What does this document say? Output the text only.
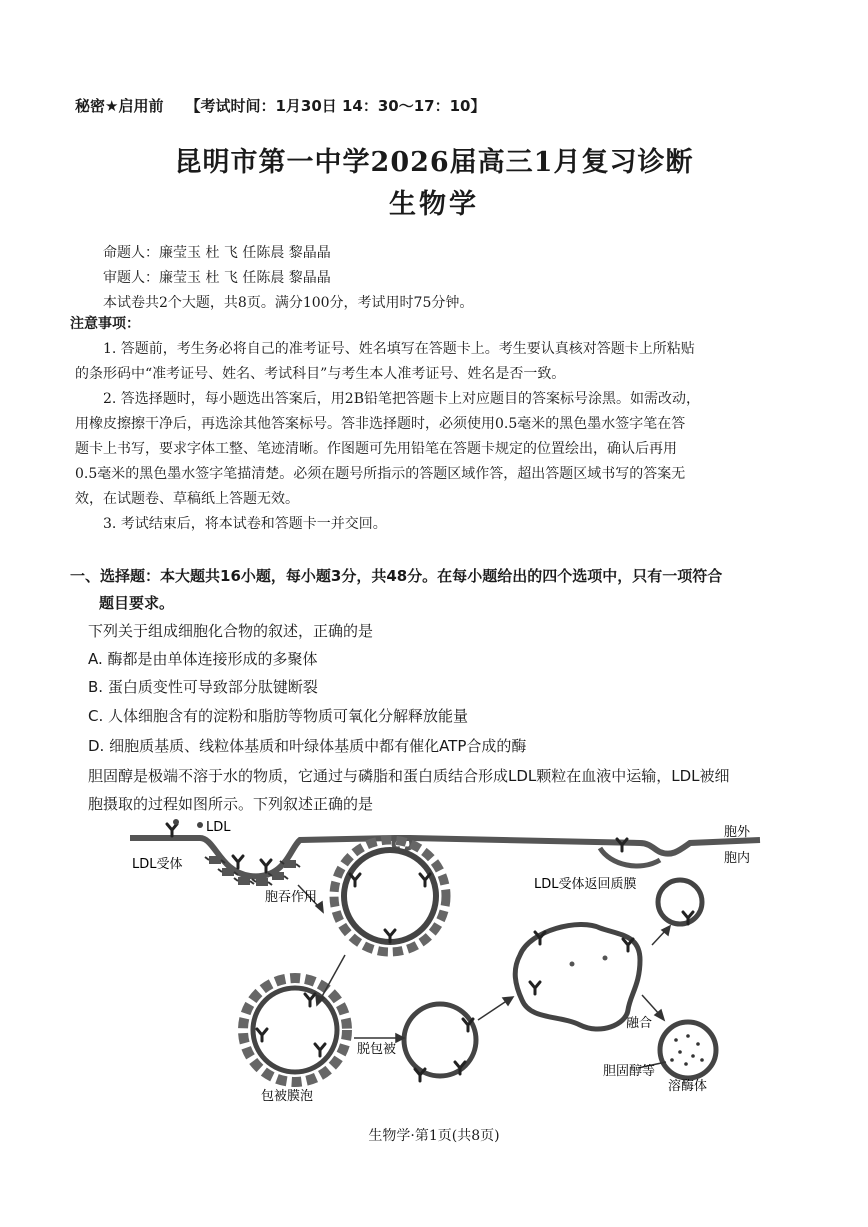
秘密★启用前 【考试时间：1月30日 14：30～17：10】
昆明市第一中学2026届高三1月复习诊断
生物学
命题人：廉莹玉 杜 飞 任陈晨 黎晶晶
审题人：廉莹玉 杜 飞 任陈晨 黎晶晶
本试卷共2个大题，共8页。满分100分，考试用时75分钟。
注意事项：
1. 答题前，考生务必将自己的准考证号、姓名填写在答题卡上。考生要认真核对答题卡上所粘贴
的条形码中“准考证号、姓名、考试科目”与考生本人准考证号、姓名是否一致。
2. 答选择题时，每小题选出答案后，用2B铅笔把答题卡上对应题目的答案标号涂黑。如需改动，
用橡皮擦擦干净后，再选涂其他答案标号。答非选择题时，必须使用0.5毫米的黑色墨水签字笔在答
题卡上书写，要求字体工整、笔迹清晰。作图题可先用铅笔在答题卡规定的位置绘出，确认后再用
0.5毫米的黑色墨水签字笔描清楚。必须在题号所指示的答题区域作答，超出答题区域书写的答案无
效，在试题卷、草稿纸上答题无效。
3. 考试结束后，将本试卷和答题卡一并交回。
一、选择题：本大题共16小题，每小题3分，共48分。在每小题给出的四个选项中，只有一项符合
题目要求。
下列关于组成细胞化合物的叙述，正确的是
A. 酶都是由单体连接形成的多聚体
B. 蛋白质变性可导致部分肽键断裂
C. 人体细胞含有的淀粉和脂肪等物质可氧化分解释放能量
D. 细胞质基质、线粒体基质和叶绿体基质中都有催化ATP合成的酶
胆固醇是极端不溶于水的物质，它通过与磷脂和蛋白质结合形成LDL颗粒在血液中运输，LDL被细
胞摄取的过程如图所示。下列叙述正确的是
LDL
LDL受体
胞外
胞内
胞吞作用
LDL受体返回质膜
脱包被
包被膜泡
融合
胆固醇等
溶酶体
生物学·第1页(共8页)
